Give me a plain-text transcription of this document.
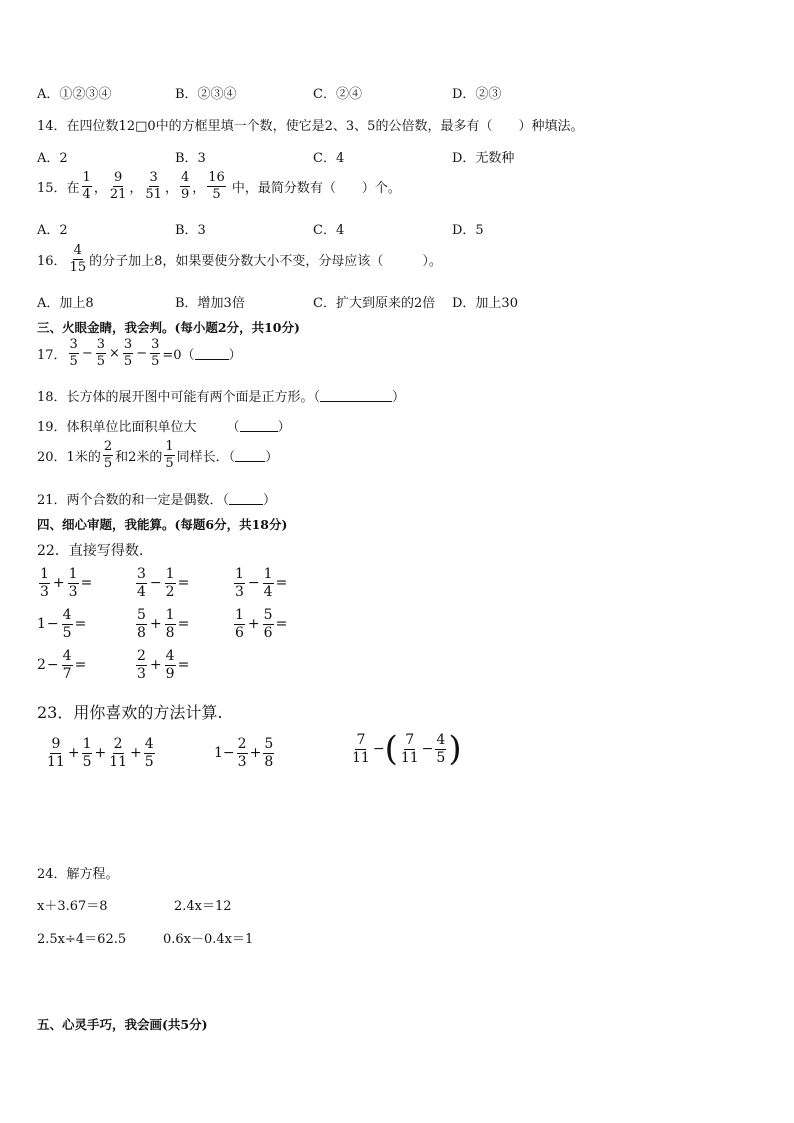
A．①②③④	B．②③④	C．②④	D．②③
14．在四位数12□0中的方框里填一个数，使它是2、3、5的公倍数，最多有（　　）种填法。
A．2	B．3	C．4	D．无数种
15．在 $\frac{1}{4}$ ， $\frac{9}{21}$ ， $\frac{3}{51}$ ， $\frac{4}{9}$ ， $\frac{16}{5}$ 中，最简分数有（　　）个。
A．2	B．3	C．4	D．5
16． $\frac{4}{15}$ 的分子加上8，如果要使分数大小不变，分母应该（　　　）。
A．加上8	B．增加3倍	C．扩大到原来的2倍 D．加上30
三、火眼金睛，我会判。(每小题2分，共10分)
17． $\frac{3}{5} - \frac{3}{5} \times \frac{3}{5} - \frac{3}{5} =0$（	）
18．长方体的展开图中可能有两个面是正方形。（	）
19．体积单位比面积单位大 （	）
20．1米的 $\frac{2}{5}$ 和2米的 $\frac{1}{5}$ 同样长．（ ）
21．两个合数的和一定是偶数．（	）
四、细心审题，我能算。(每题6分，共18分)
22．直接写得数.
$\frac{1}{3} + \frac{1}{3}$ =	$\frac{3}{4} - \frac{1}{2}$ =	$\frac{1}{3} - \frac{1}{4}$ =
$1 - \frac{4}{5}$ =	$\frac{5}{8} + \frac{1}{8}$ =	$\frac{1}{6} + \frac{5}{6}$ =
$2 - \frac{4}{7}$ =	$\frac{2}{3} + \frac{4}{9}$ =
23．用你喜欢的方法计算.
$\frac{9}{11} + \frac{1}{5} + \frac{2}{11} + \frac{4}{5}$	$1 - \frac{2}{3} + \frac{5}{8}$	$\frac{7}{11}$ − ( $\frac{7}{11} - \frac{4}{5}$ )
24．解方程。
x＋3.67＝8	2.4x＝12
2.5x÷4＝62.5	0.6x－0.4x＝1
五、心灵手巧，我会画(共5分)
